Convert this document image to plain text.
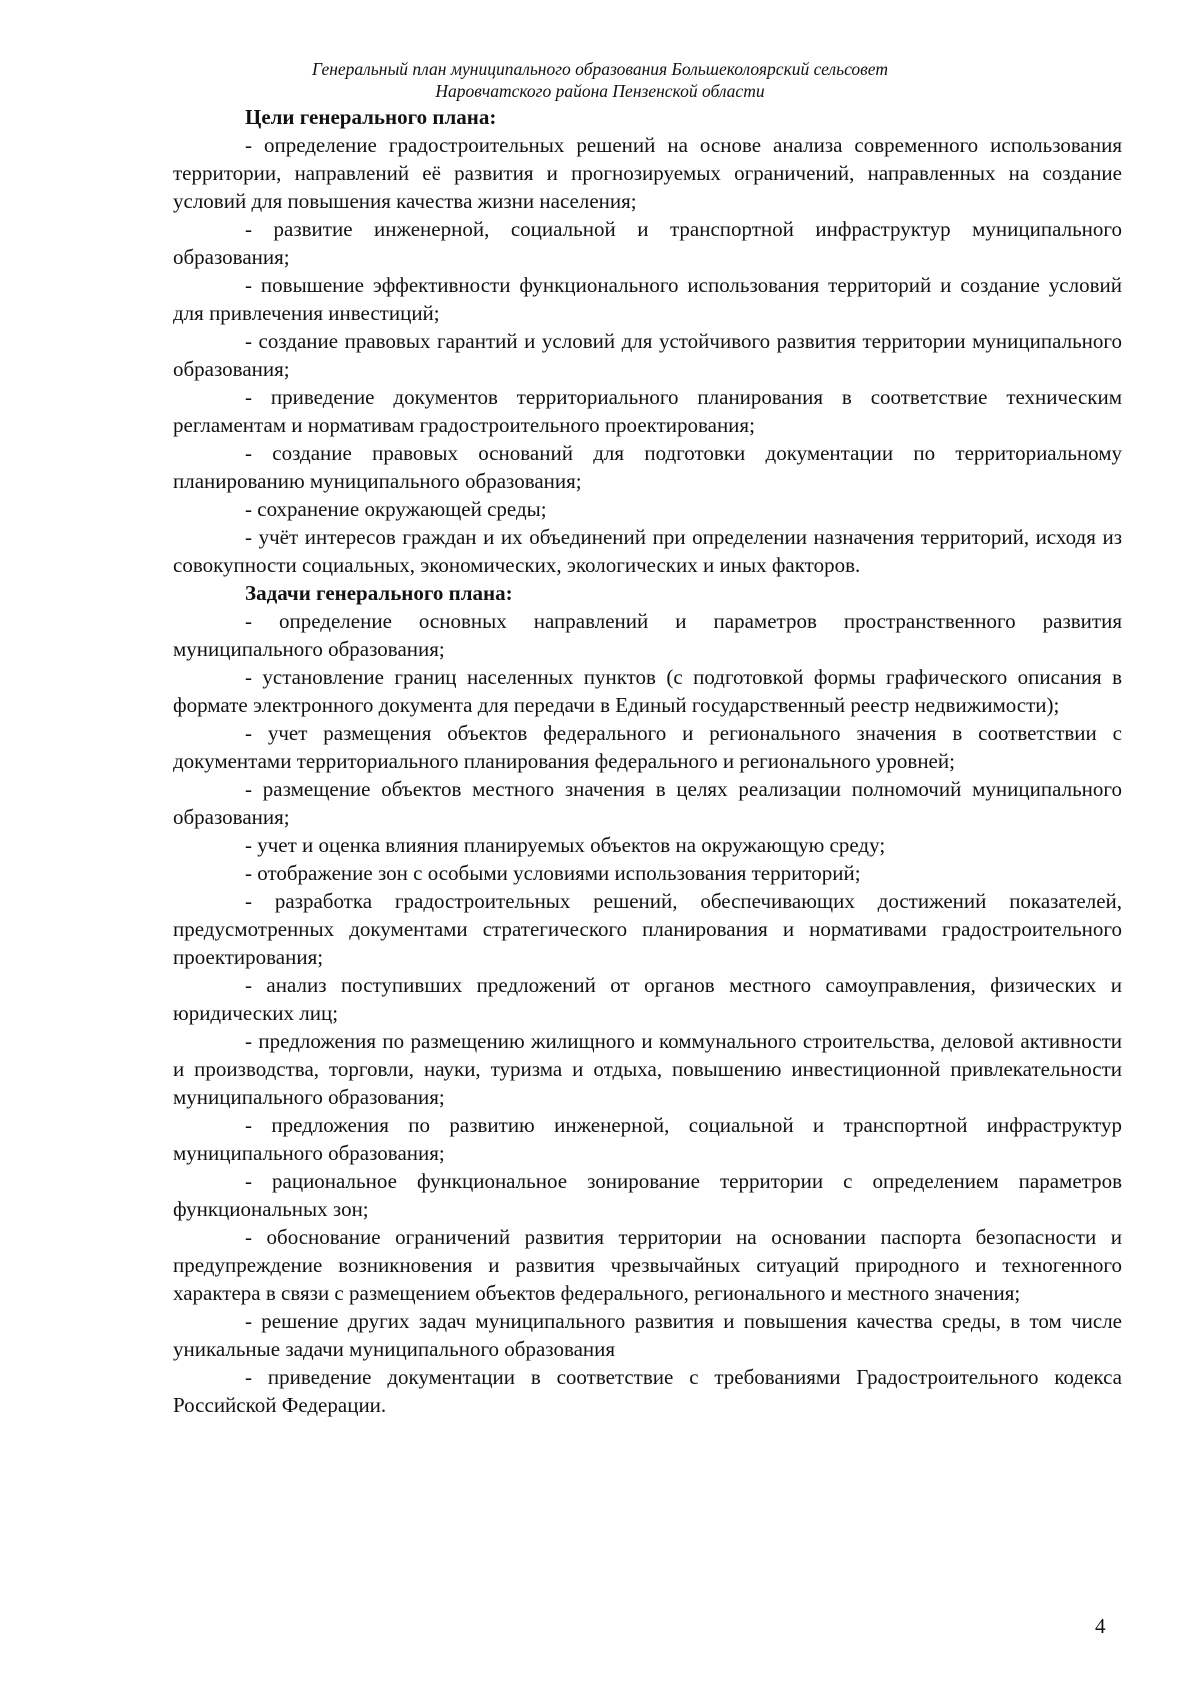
Генеральный план муниципального образования Большеколоярский сельсовет
Наровчатского района Пензенской области

Цели генерального плана:

- определение градостроительных решений на основе анализа современного использования территории, направлений её развития и прогнозируемых ограничений, направленных на создание условий для повышения качества жизни населения;

- развитие инженерной, социальной и транспортной инфраструктур муниципального образования;

- повышение эффективности функционального использования территорий и создание условий для привлечения инвестиций;

- создание правовых гарантий и условий для устойчивого развития территории муниципального образования;

- приведение документов территориального планирования в соответствие техническим регламентам и нормативам градостроительного проектирования;

- создание правовых оснований для подготовки документации по территориальному планированию муниципального образования;

- сохранение окружающей среды;

- учёт интересов граждан и их объединений при определении назначения территорий, исходя из совокупности социальных, экономических, экологических и иных факторов.

Задачи генерального плана:

- определение основных направлений и параметров пространственного развития муниципального образования;

- установление границ населенных пунктов (с подготовкой формы графического описания в формате электронного документа для передачи в Единый государственный реестр недвижимости);

- учет размещения объектов федерального и регионального значения в соответствии с документами территориального планирования федерального и регионального уровней;

- размещение объектов местного значения в целях реализации полномочий муниципального образования;

- учет и оценка влияния планируемых объектов на окружающую среду;

- отображение зон с особыми условиями использования территорий;

- разработка градостроительных решений, обеспечивающих достижений показателей, предусмотренных документами стратегического планирования и нормативами градостроительного проектирования;

- анализ поступивших предложений от органов местного самоуправления, физических и юридических лиц;

- предложения по размещению жилищного и коммунального строительства, деловой активности и производства, торговли, науки, туризма и отдыха, повышению инвестиционной привлекательности муниципального образования;

- предложения по развитию инженерной, социальной и транспортной инфраструктур муниципального образования;

- рациональное функциональное зонирование территории с определением параметров функциональных зон;

- обоснование ограничений развития территории на основании паспорта безопасности и предупреждение возникновения и развития чрезвычайных ситуаций природного и техногенного характера в связи с размещением объектов федерального, регионального и местного значения;

- решение других задач муниципального развития и повышения качества среды, в том числе уникальные задачи муниципального образования

- приведение документации в соответствие с требованиями Градостроительного кодекса Российской Федерации.

4
